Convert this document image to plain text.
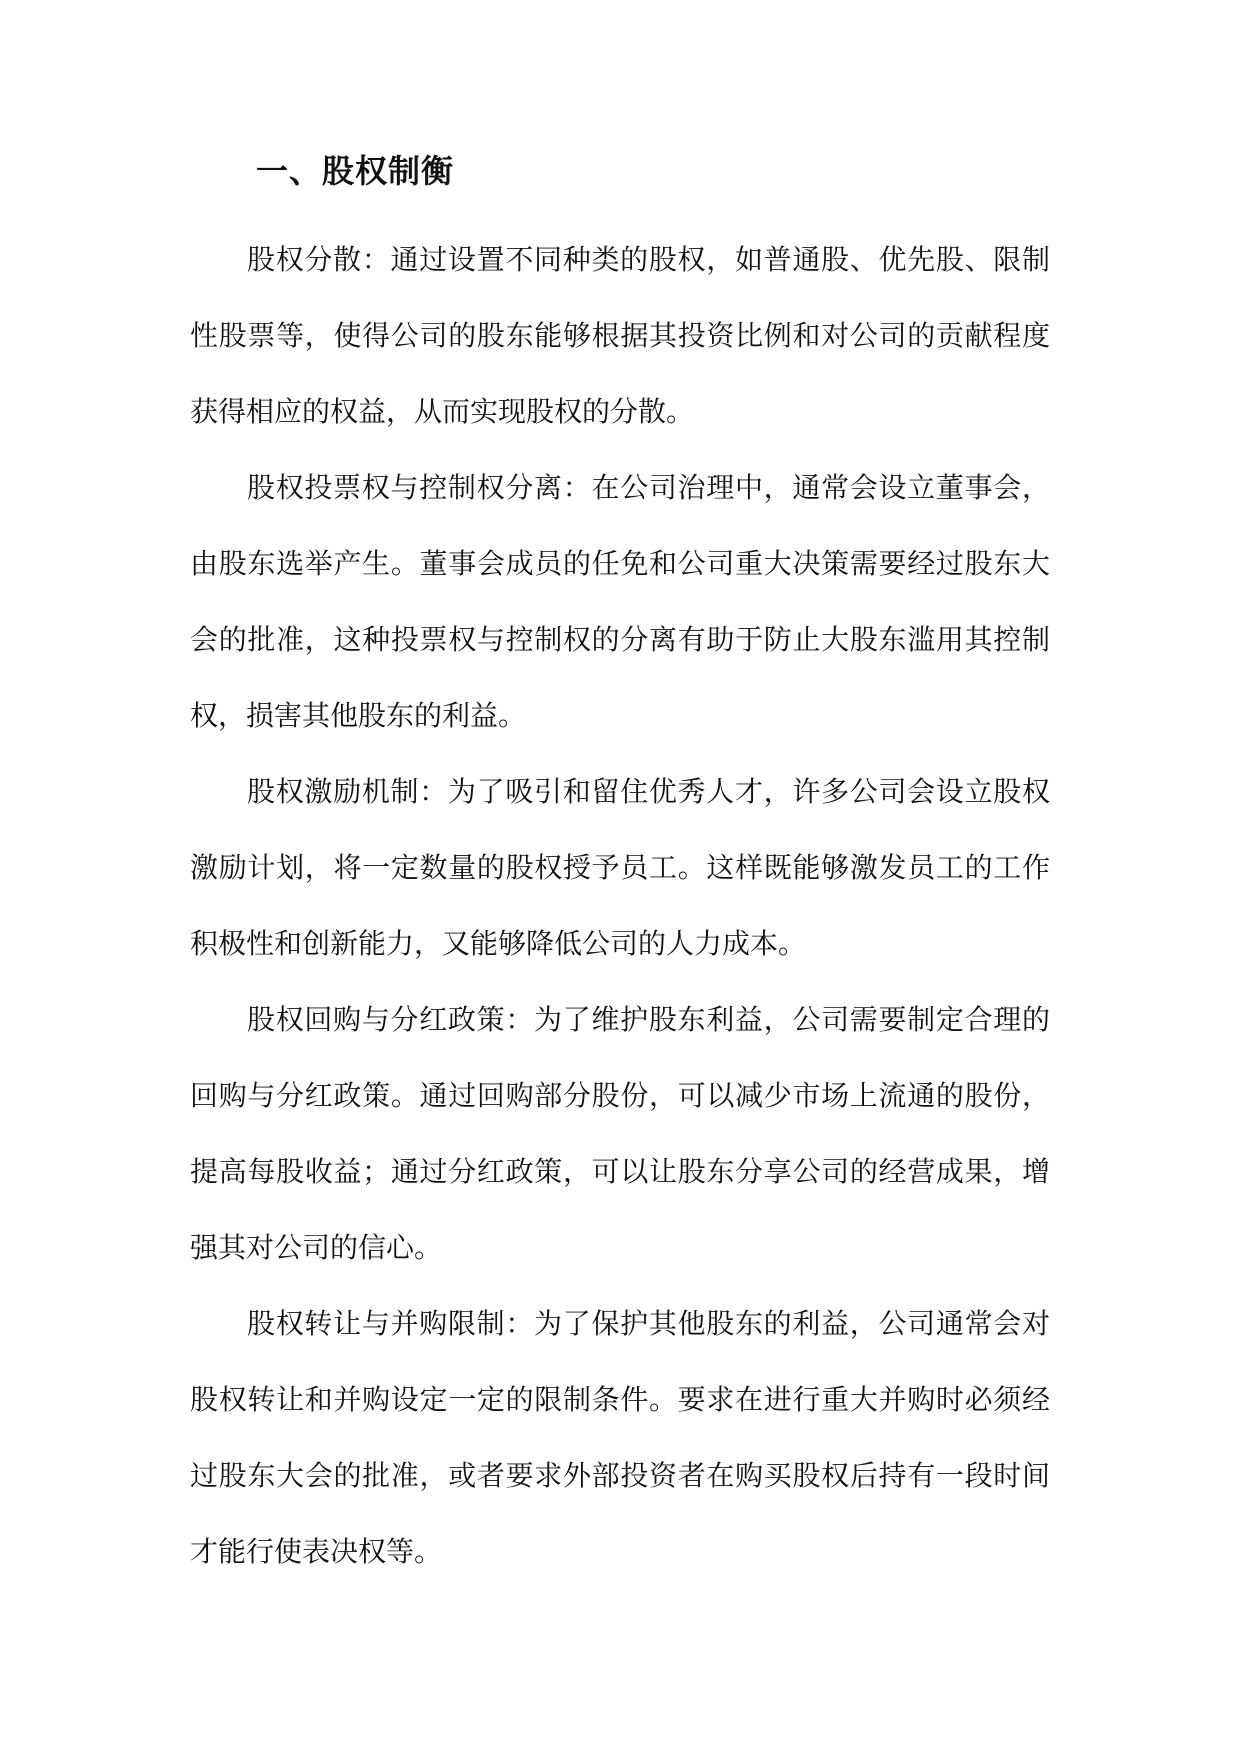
一、股权制衡

股权分散：通过设置不同种类的股权，如普通股、优先股、限制性股票等，使得公司的股东能够根据其投资比例和对公司的贡献程度获得相应的权益，从而实现股权的分散。

股权投票权与控制权分离：在公司治理中，通常会设立董事会，由股东选举产生。董事会成员的任免和公司重大决策需要经过股东大会的批准，这种投票权与控制权的分离有助于防止大股东滥用其控制权，损害其他股东的利益。

股权激励机制：为了吸引和留住优秀人才，许多公司会设立股权激励计划，将一定数量的股权授予员工。这样既能够激发员工的工作积极性和创新能力，又能够降低公司的人力成本。

股权回购与分红政策：为了维护股东利益，公司需要制定合理的回购与分红政策。通过回购部分股份，可以减少市场上流通的股份，提高每股收益；通过分红政策，可以让股东分享公司的经营成果，增强其对公司的信心。

股权转让与并购限制：为了保护其他股东的利益，公司通常会对股权转让和并购设定一定的限制条件。要求在进行重大并购时必须经过股东大会的批准，或者要求外部投资者在购买股权后持有一段时间才能行使表决权等。
